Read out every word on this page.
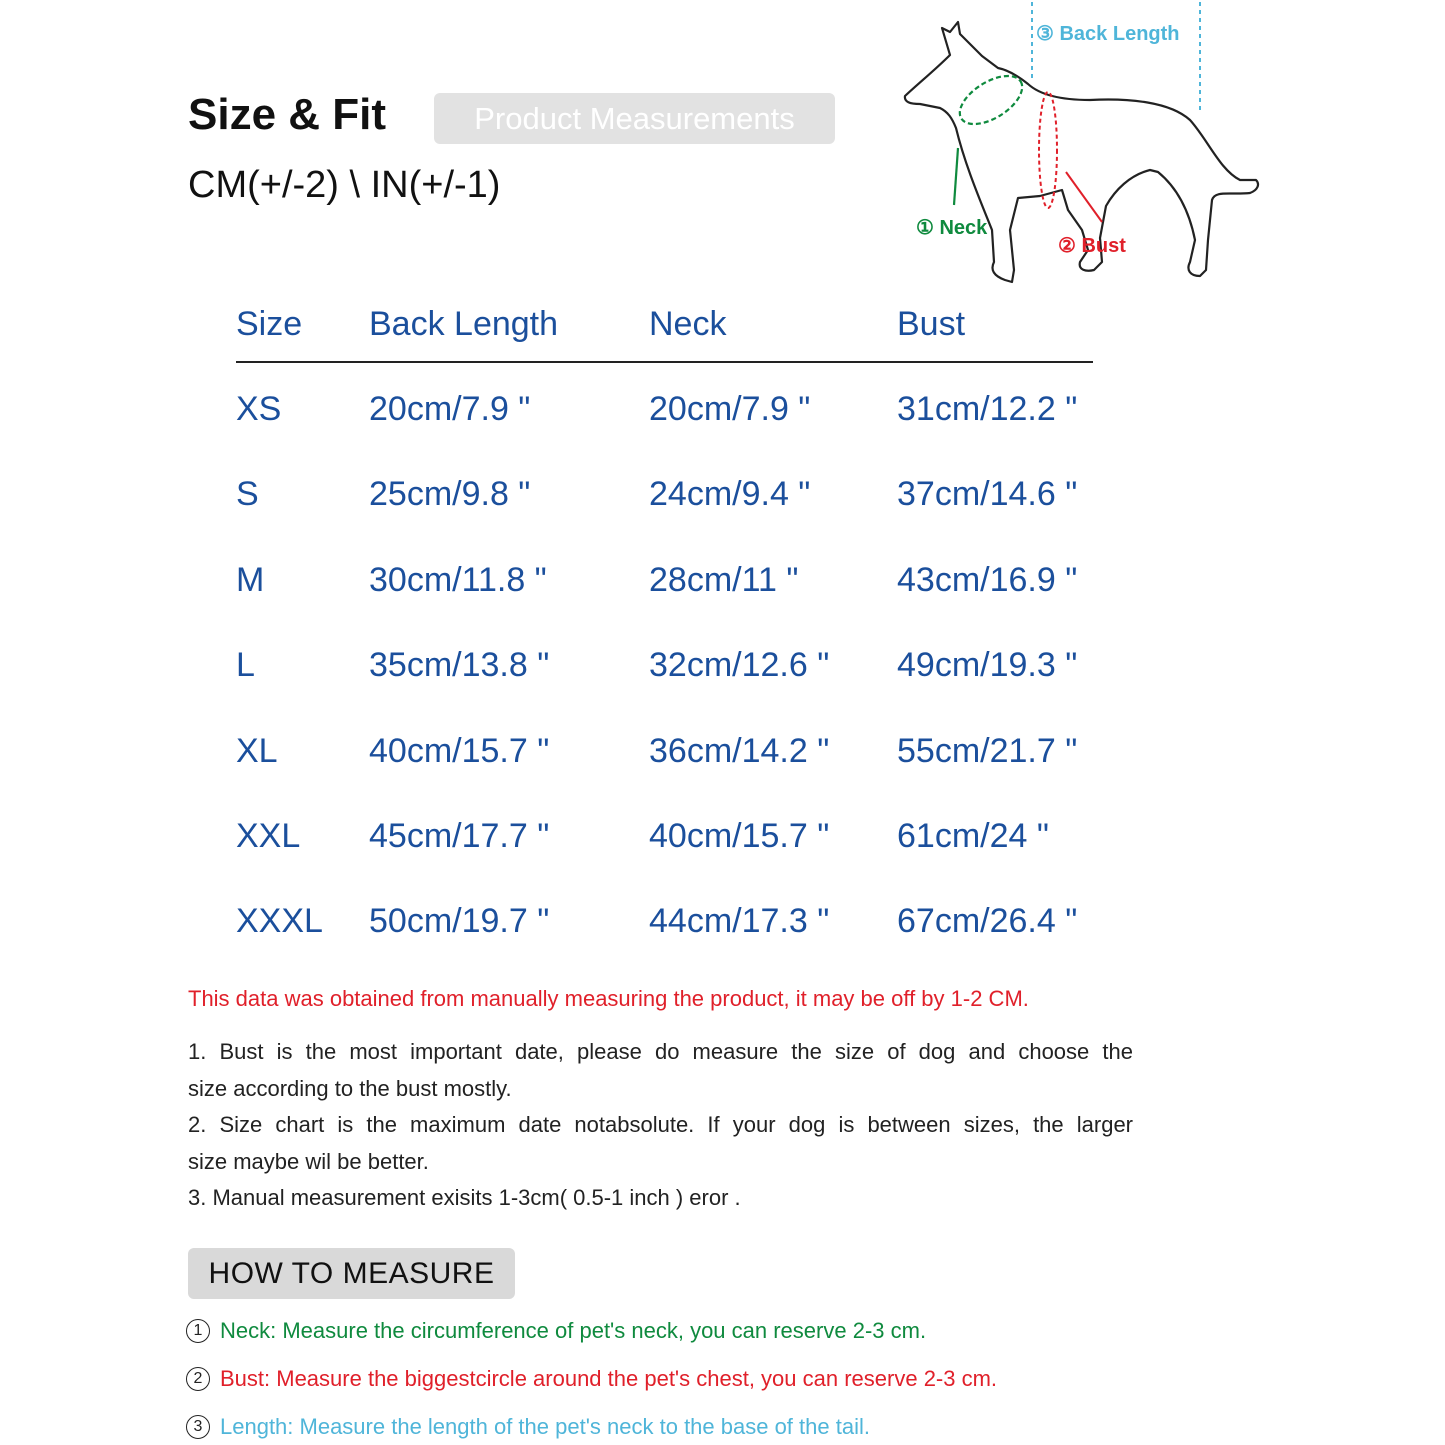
Size & Fit	Product Measurements
CM(+/-2) \ IN(+/-1)
③ Back Length
① Neck
② Bust
Size Back Length	Neck	Bust
XS	20cm/7.9 "	20cm/7.9 "	31cm/12.2 "
S	25cm/9.8 "	24cm/9.4 "	37cm/14.6 "
M	30cm/11.8 "	28cm/11 "	43cm/16.9 "
L	35cm/13.8 "	32cm/12.6 " 49cm/19.3 "
XL	40cm/15.7 "	36cm/14.2 " 55cm/21.7 "
XXL 45cm/17.7 "	40cm/15.7 " 61cm/24 "
XXXL 50cm/19.7 "	44cm/17.3 " 67cm/26.4 "
This data was obtained from manually measuring the product, it may be off by 1-2 CM.

1. Bust is the most important date, please do measure the size of dog and choose the

size according to the bust mostly.

2. Size chart is the maximum date notabsolute. If your dog is between sizes, the larger

size maybe wil be better.

3. Manual measurement exisits 1-3cm( 0.5-1 inch ) eror .

HOW TO MEASURE
1 Neck: Measure the circumference of pet's neck, you can reserve 2-3 cm.
2 Bust: Measure the biggestcircle around the pet's chest, you can reserve 2-3 cm.
3 Length: Measure the length of the pet's neck to the base of the tail.
